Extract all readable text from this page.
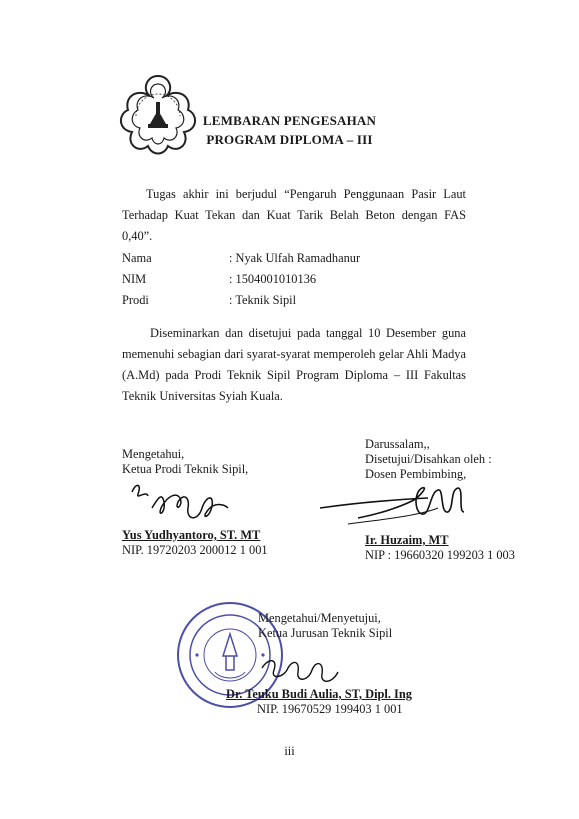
LEMBARAN PENGESAHAN
PROGRAM DIPLOMA – III
Tugas akhir ini berjudul “Pengaruh Penggunaan Pasir Laut Terhadap Kuat Tekan dan Kuat Tarik Belah Beton dengan FAS 0,40”.
Nama	: Nyak Ulfah Ramadhanur
NIM	: 1504001010136
Prodi	: Teknik Sipil
Diseminarkan dan disetujui pada tanggal 10 Desember guna memenuhi sebagian dari syarat-syarat memperoleh gelar Ahli Madya (A.Md) pada Prodi Teknik Sipil Program Diploma – III Fakultas Teknik Universitas Syiah Kuala.
Mengetahui,
Ketua Prodi Teknik Sipil,
Yus Yudhyantoro, ST. MT
NIP. 19720203 200012 1 001
Darussalam,,
Disetujui/Disahkan oleh :
Dosen Pembimbing,
Ir. Huzaim, MT
NIP : 19660320 199203 1 003
Mengetahui/Menyetujui,
Ketua Jurusan Teknik Sipil
Dr. Teuku Budi Aulia, ST, Dipl. Ing
NIP. 19670529 199403 1 001
iii
